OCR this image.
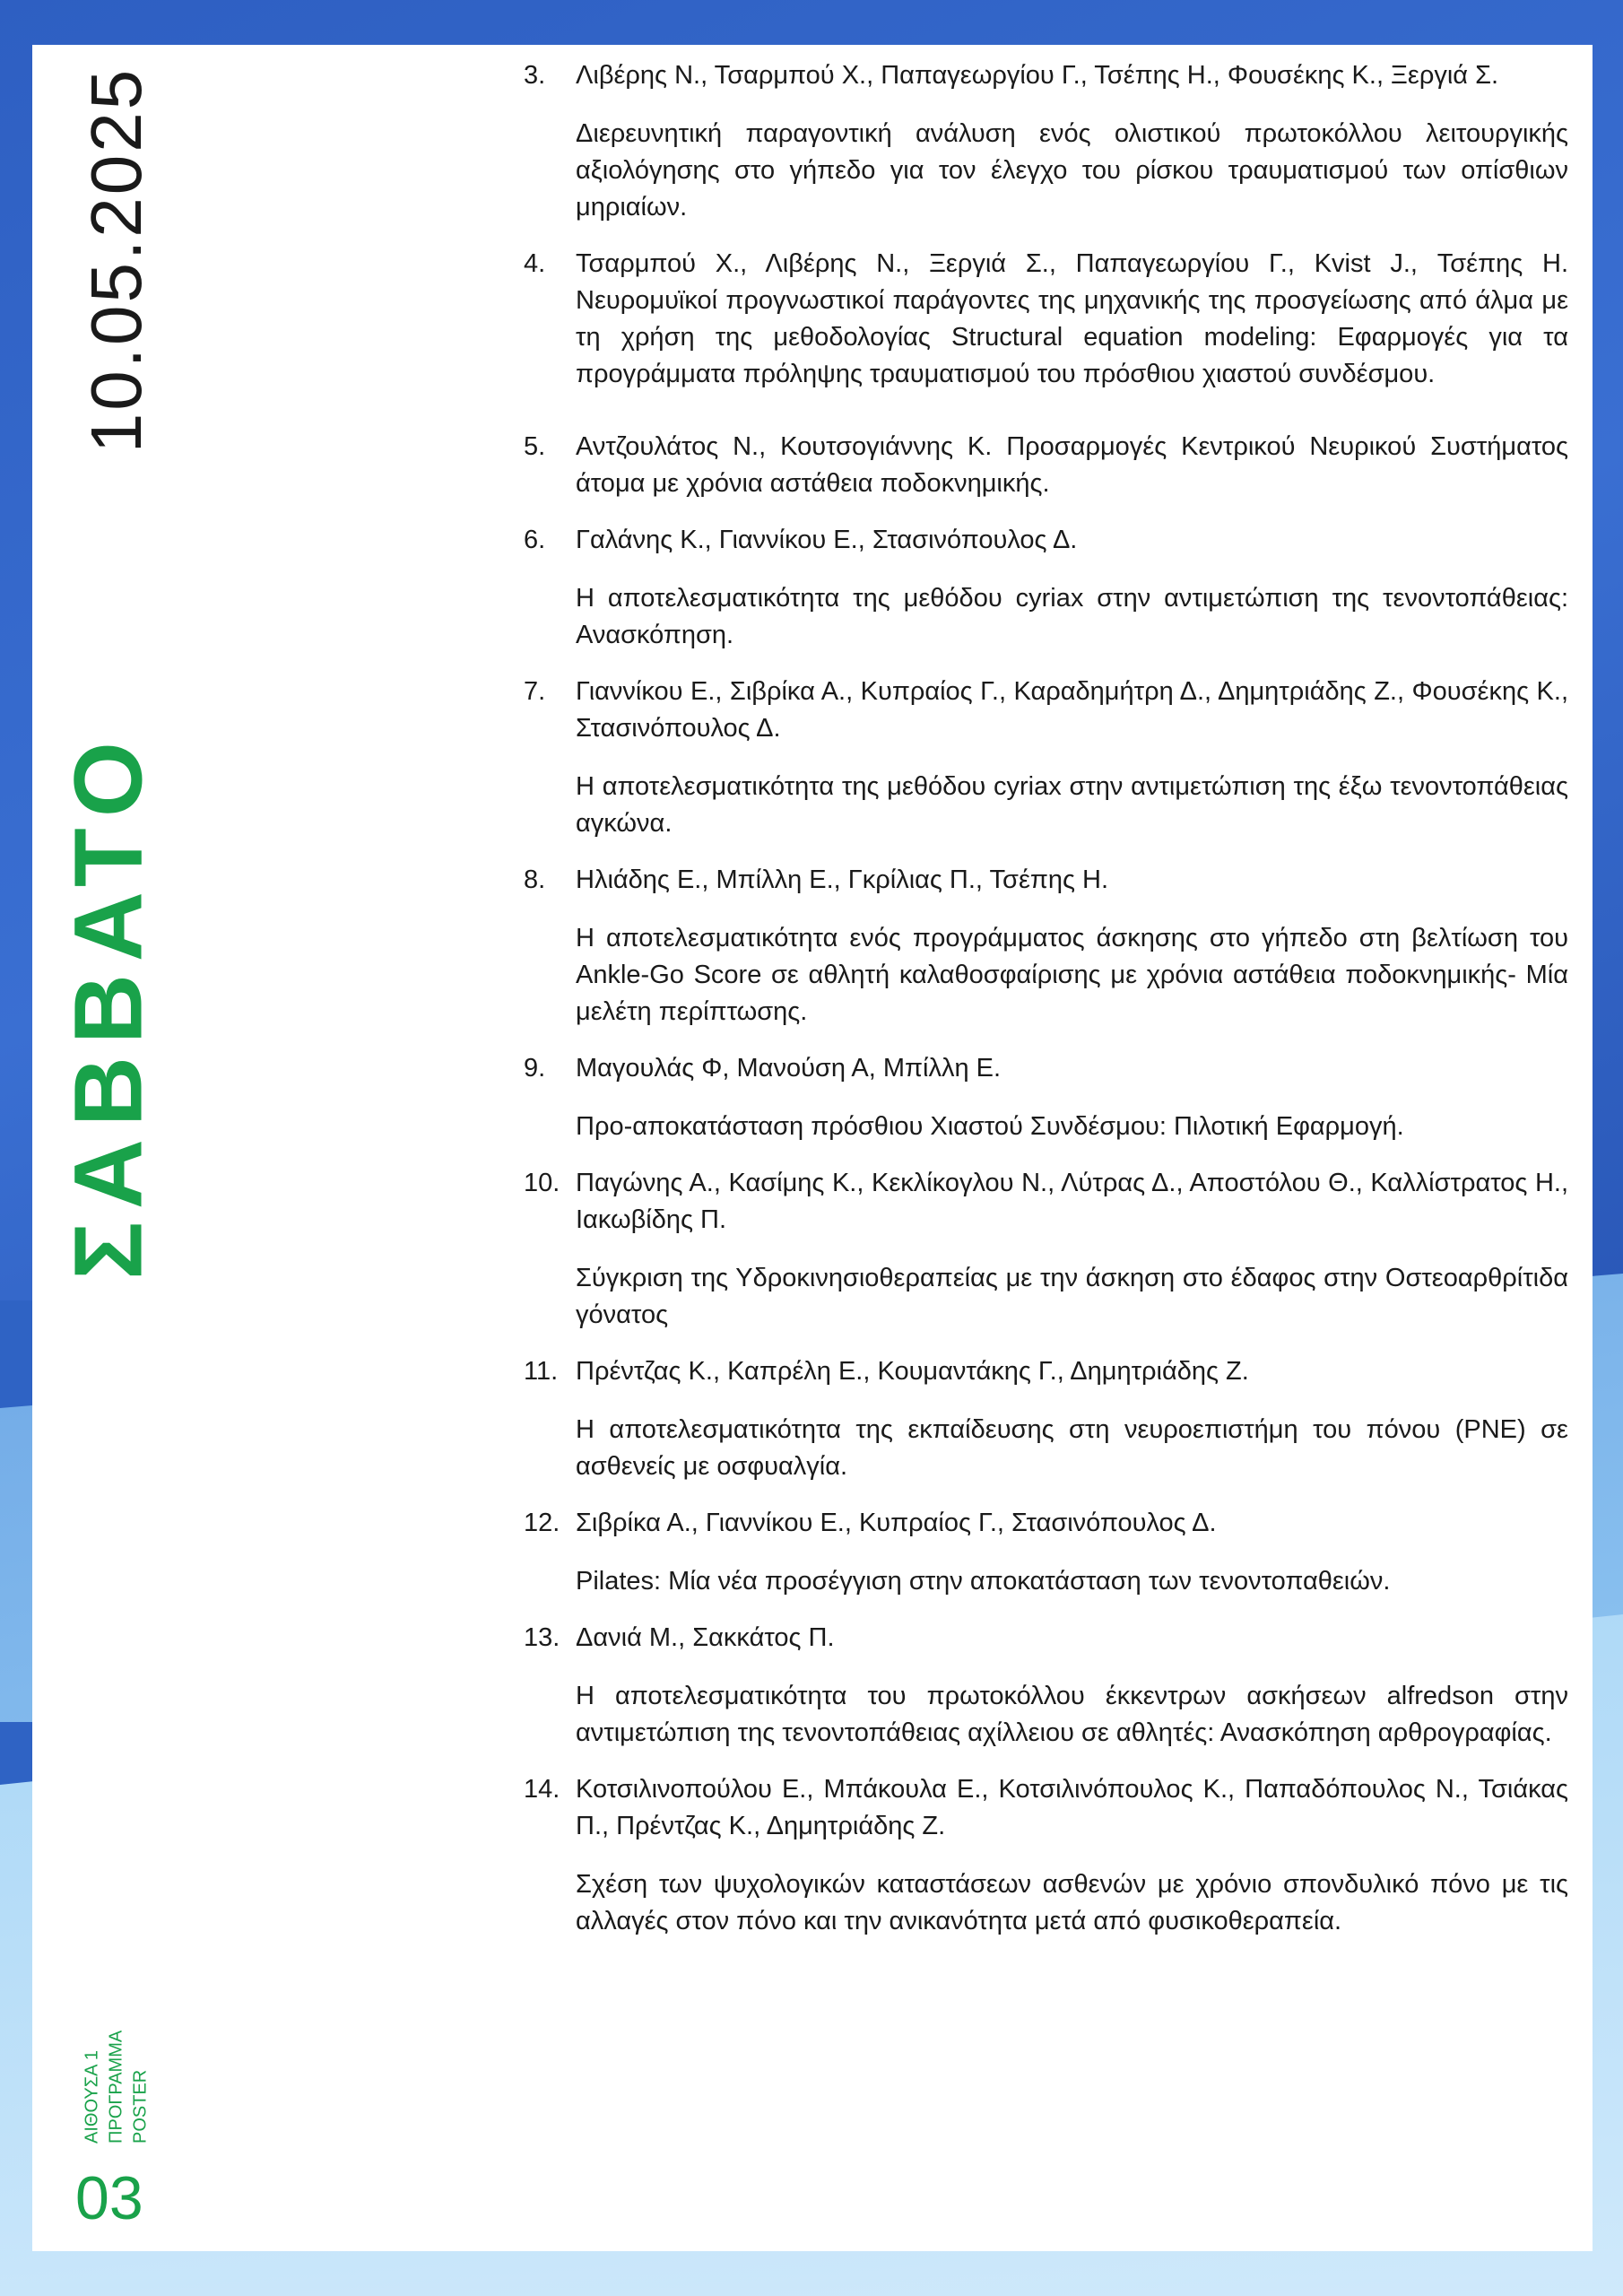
ΣΑΒΒΑΤΟ
10.05.2025
ΑΙΘΟΥΣΑ 1 ΠΡΟΓΡΑΜΜΑ POSTER
03
3. Λιβέρης Ν., Τσαρμπού Χ., Παπαγεωργίου Γ., Τσέπης Η., Φουσέκης Κ., Ξεργιά Σ.

Διερευνητική παραγοντική ανάλυση ενός ολιστικού πρωτοκόλλου λειτουργικής αξιολόγησης στο γήπεδο για τον έλεγχο του ρίσκου τραυματισμού των οπίσθιων μηριαίων.

4. Τσαρμπού Χ., Λιβέρης Ν., Ξεργιά Σ., Παπαγεωργίου Γ., Kvist J., Τσέπης Η. Νευρομυϊκοί προγνωστικοί παράγοντες της μηχανικής της προσγείωσης από άλμα με τη χρήση της μεθοδολογίας Structural equation modeling: Εφαρμογές για τα προγράμματα πρόληψης τραυματισμού του πρόσθιου χιαστού συνδέσμου.

5. Αντζουλάτος Ν., Κουτσογιάννης Κ. Προσαρμογές Κεντρικού Νευρικού Συστήματος άτομα με χρόνια αστάθεια ποδοκνημικής.

6. Γαλάνης Κ., Γιαννίκου Ε., Στασινόπουλος Δ.

Η αποτελεσματικότητα της μεθόδου cyriax στην αντιμετώπιση της τενοντοπάθειας: Ανασκόπηση.

7. Γιαννίκου Ε., Σιβρίκα Α., Κυπραίος Γ., Καραδημήτρη Δ., Δημητριάδης Ζ., Φουσέκης Κ., Στασινόπουλος Δ.

Η αποτελεσματικότητα της μεθόδου cyriax στην αντιμετώπιση της έξω τενοντοπάθειας αγκώνα.

8. Ηλιάδης Ε., Μπίλλη Ε., Γκρίλιας Π., Τσέπης Η.

Η αποτελεσματικότητα ενός προγράμματος άσκησης στο γήπεδο στη βελτίωση του Ankle-Go Score σε αθλητή καλαθοσφαίρισης με χρόνια αστάθεια ποδοκνημικής- Μία μελέτη περίπτωσης.

9. Μαγουλάς Φ, Μανούση Α, Μπίλλη Ε.

Προ-αποκατάσταση πρόσθιου Χιαστού Συνδέσμου: Πιλοτική Εφαρμογή.

10. Παγώνης Α., Κασίμης Κ., Κεκλίκογλου Ν., Λύτρας Δ., Αποστόλου Θ., Καλλίστρατος Η., Ιακωβίδης Π.

Σύγκριση της Υδροκινησιοθεραπείας με την άσκηση στο έδαφος στην Οστεοαρθρίτιδα γόνατος

11. Πρέντζας Κ., Καπρέλη Ε., Κουμαντάκης Γ., Δημητριάδης Ζ.

Η αποτελεσματικότητα της εκπαίδευσης στη νευροεπιστήμη του πόνου (PNE) σε ασθενείς με οσφυαλγία.

12. Σιβρίκα Α., Γιαννίκου Ε., Κυπραίος Γ., Στασινόπουλος Δ.

Pilates: Μία νέα προσέγγιση στην αποκατάσταση των τενοντοπαθειών.

13. Δανιά Μ., Σακκάτος Π.

Η αποτελεσματικότητα του πρωτοκόλλου έκκεντρων ασκήσεων alfredson στην αντιμετώπιση της τενοντοπάθειας αχίλλειου σε αθλητές: Ανασκόπηση αρθρογραφίας.

14. Κοτσιλινοπούλου Ε., Μπάκουλα Ε., Κοτσιλινόπουλος Κ., Παπαδόπουλος Ν., Τσιάκας Π., Πρέντζας Κ., Δημητριάδης Ζ.

Σχέση των ψυχολογικών καταστάσεων ασθενών με χρόνιο σπονδυλικό πόνο με τις αλλαγές στον πόνο και την ανικανότητα μετά από φυσικοθεραπεία.
